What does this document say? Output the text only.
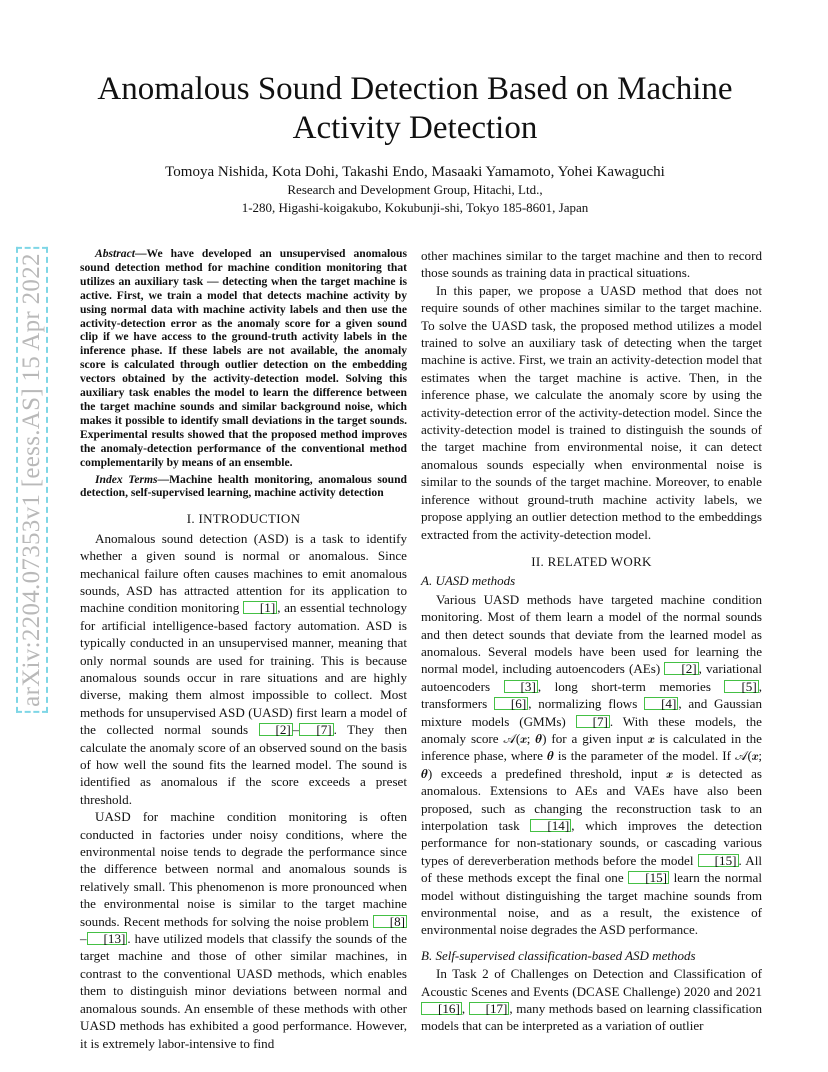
arXiv:2204.07353v1 [eess.AS] 15 Apr 2022
Anomalous Sound Detection Based on Machine Activity Detection
Tomoya Nishida, Kota Dohi, Takashi Endo, Masaaki Yamamoto, Yohei Kawaguchi
Research and Development Group, Hitachi, Ltd.,
1-280, Higashi-koigakubo, Kokubunji-shi, Tokyo 185-8601, Japan

Abstract—We have developed an unsupervised anomalous sound detection method for machine condition monitoring that utilizes an auxiliary task — detecting when the target machine is active. First, we train a model that detects machine activity by using normal data with machine activity labels and then use the activity-detection error as the anomaly score for a given sound clip if we have access to the ground-truth activity labels in the inference phase. If these labels are not available, the anomaly score is calculated through outlier detection on the embedding vectors obtained by the activity-detection model. Solving this auxiliary task enables the model to learn the difference between the target machine sounds and similar background noise, which makes it possible to identify small deviations in the target sounds. Experimental results showed that the proposed method improves the anomaly-detection performance of the conventional method complementarily by means of an ensemble.

Index Terms—Machine health monitoring, anomalous sound detection, self-supervised learning, machine activity detection

I. INTRODUCTION

Anomalous sound detection (ASD) is a task to identify whether a given sound is normal or anomalous. Since mechanical failure often causes machines to emit anomalous sounds, ASD has attracted attention for its application to machine condition monitoring [1] , an essential technology for artificial intelligence-based factory automation. ASD is typically conducted in an unsupervised manner, meaning that only normal sounds are used for training. This is because anomalous sounds occur in rare situations and are highly diverse, making them almost impossible to collect. Most methods for unsupervised ASD (UASD) first learn a model of the collected normal sounds [2] – [7] . They then calculate the anomaly score of an observed sound on the basis of how well the sound fits the learned model. The sound is identified as anomalous if the score exceeds a preset threshold.

UASD for machine condition monitoring is often conducted in factories under noisy conditions, where the environmental noise tends to degrade the performance since the difference between normal and anomalous sounds is relatively small. This phenomenon is more pronounced when the environmental noise is similar to the target machine sounds. Recent methods for solving the noise problem [8]– [13] . have utilized models that classify the sounds of the target machine and those of other similar machines, in contrast to the conventional UASD methods, which enables them to distinguish minor deviations between normal and anomalous sounds. An ensemble of these methods with other UASD methods has exhibited a good performance. However, it is extremely labor-intensive to find

other machines similar to the target machine and then to record those sounds as training data in practical situations.

In this paper, we propose a UASD method that does not require sounds of other machines similar to the target machine. To solve the UASD task, the proposed method utilizes a model trained to solve an auxiliary task of detecting when the target machine is active. First, we train an activity-detection model that estimates when the target machine is active. Then, in the inference phase, we calculate the anomaly score by using the activity-detection error of the activity-detection model. Since the activity-detection model is trained to distinguish the sounds of the target machine from environmental noise, it can detect anomalous sounds especially when environmental noise is similar to the sounds of the target machine. Moreover, to enable inference without ground-truth machine activity labels, we propose applying an outlier detection method to the embeddings extracted from the activity-detection model.

II. RELATED WORK
A. UASD methods

Various UASD methods have targeted machine condition monitoring. Most of them learn a model of the normal sounds and then detect sounds that deviate from the learned model as anomalous. Several models have been used for learning the normal model, including autoencoders (AEs) [2] , variational autoencoders [3] , long short-term memories [5] , transformers [6] , normalizing flows [4] , and Gaussian mixture models (GMMs) [7] . With these models, the anomaly score 𝒜(𝒙; 𝜽) for a given input 𝒙 is calculated in the inference phase, where 𝜽 is the parameter of the model. If 𝒜(𝒙; 𝜽) exceeds a predefined threshold, input 𝒙 is detected as anomalous. Extensions to AEs and VAEs have also been proposed, such as changing the reconstruction task to an interpolation task [14] , which improves the detection performance for non-stationary sounds, or cascading various types of dereverberation methods before the model [15] . All of these methods except the final one [15] learn the normal model without distinguishing the target machine sounds from environmental noise, and as a result, the existence of environmental noise degrades the ASD performance.

B. Self-supervised classification-based ASD methods

In Task 2 of Challenges on Detection and Classification of Acoustic Scenes and Events (DCASE Challenge) 2020 and 2021 [16] , [17] , many methods based on learning classification models that can be interpreted as a variation of outlier
